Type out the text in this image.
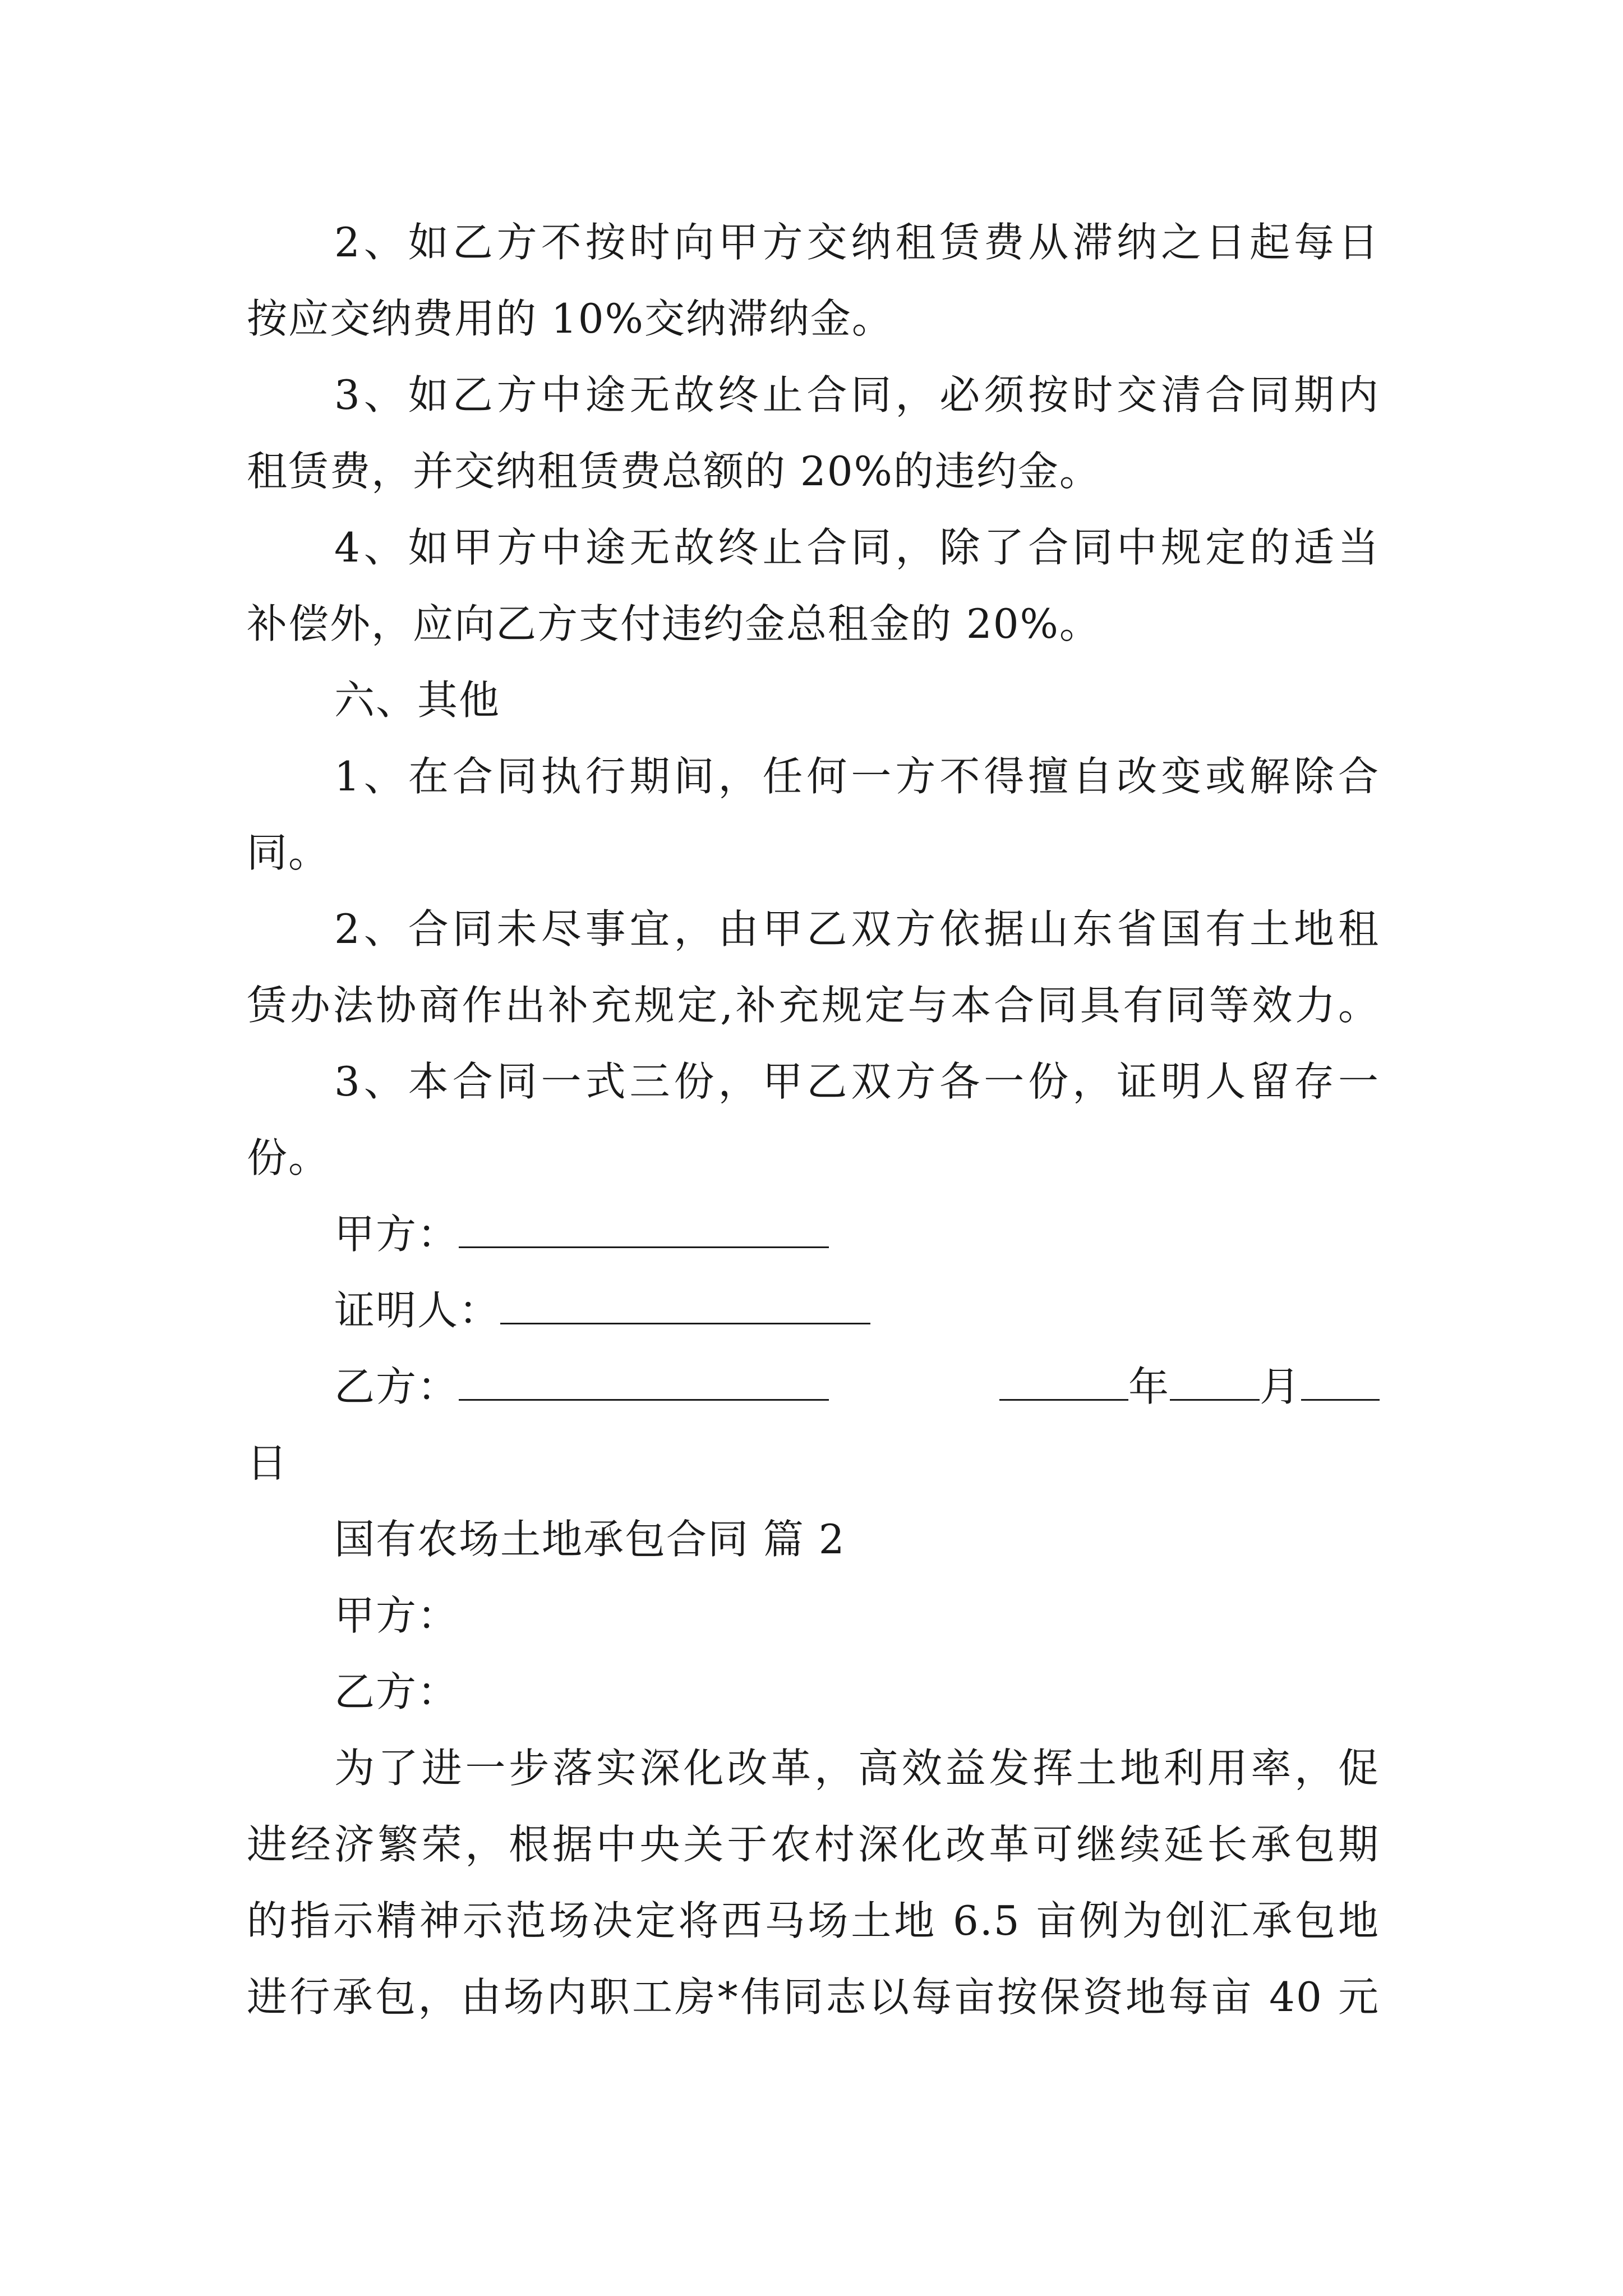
2、如乙方不按时向甲方交纳租赁费从滞纳之日起每日
按应交纳费用的 10%交纳滞纳金。
3、如乙方中途无故终止合同，必须按时交清合同期内
租赁费，并交纳租赁费总额的 20%的违约金。
4、如甲方中途无故终止合同，除了合同中规定的适当
补偿外，应向乙方支付违约金总租金的 20%。
六、其他
1、在合同执行期间，任何一方不得擅自改变或解除合
同。
2、合同未尽事宜，由甲乙双方依据山东省国有土地租
赁办法协商作出补充规定,补充规定与本合同具有同等效力。
3、本合同一式三份，甲乙双方各一份，证明人留存一
份。
甲方：
证明人：
乙方：	年 月
日
国有农场土地承包合同 篇 2
甲方：
乙方：
为了进一步落实深化改革，高效益发挥土地利用率，促
进经济繁荣，根据中央关于农村深化改革可继续延长承包期
的指示精神示范场决定将西马场土地 6.5 亩例为创汇承包地
进行承包，由场内职工房*伟同志以每亩按保资地每亩 40 元
